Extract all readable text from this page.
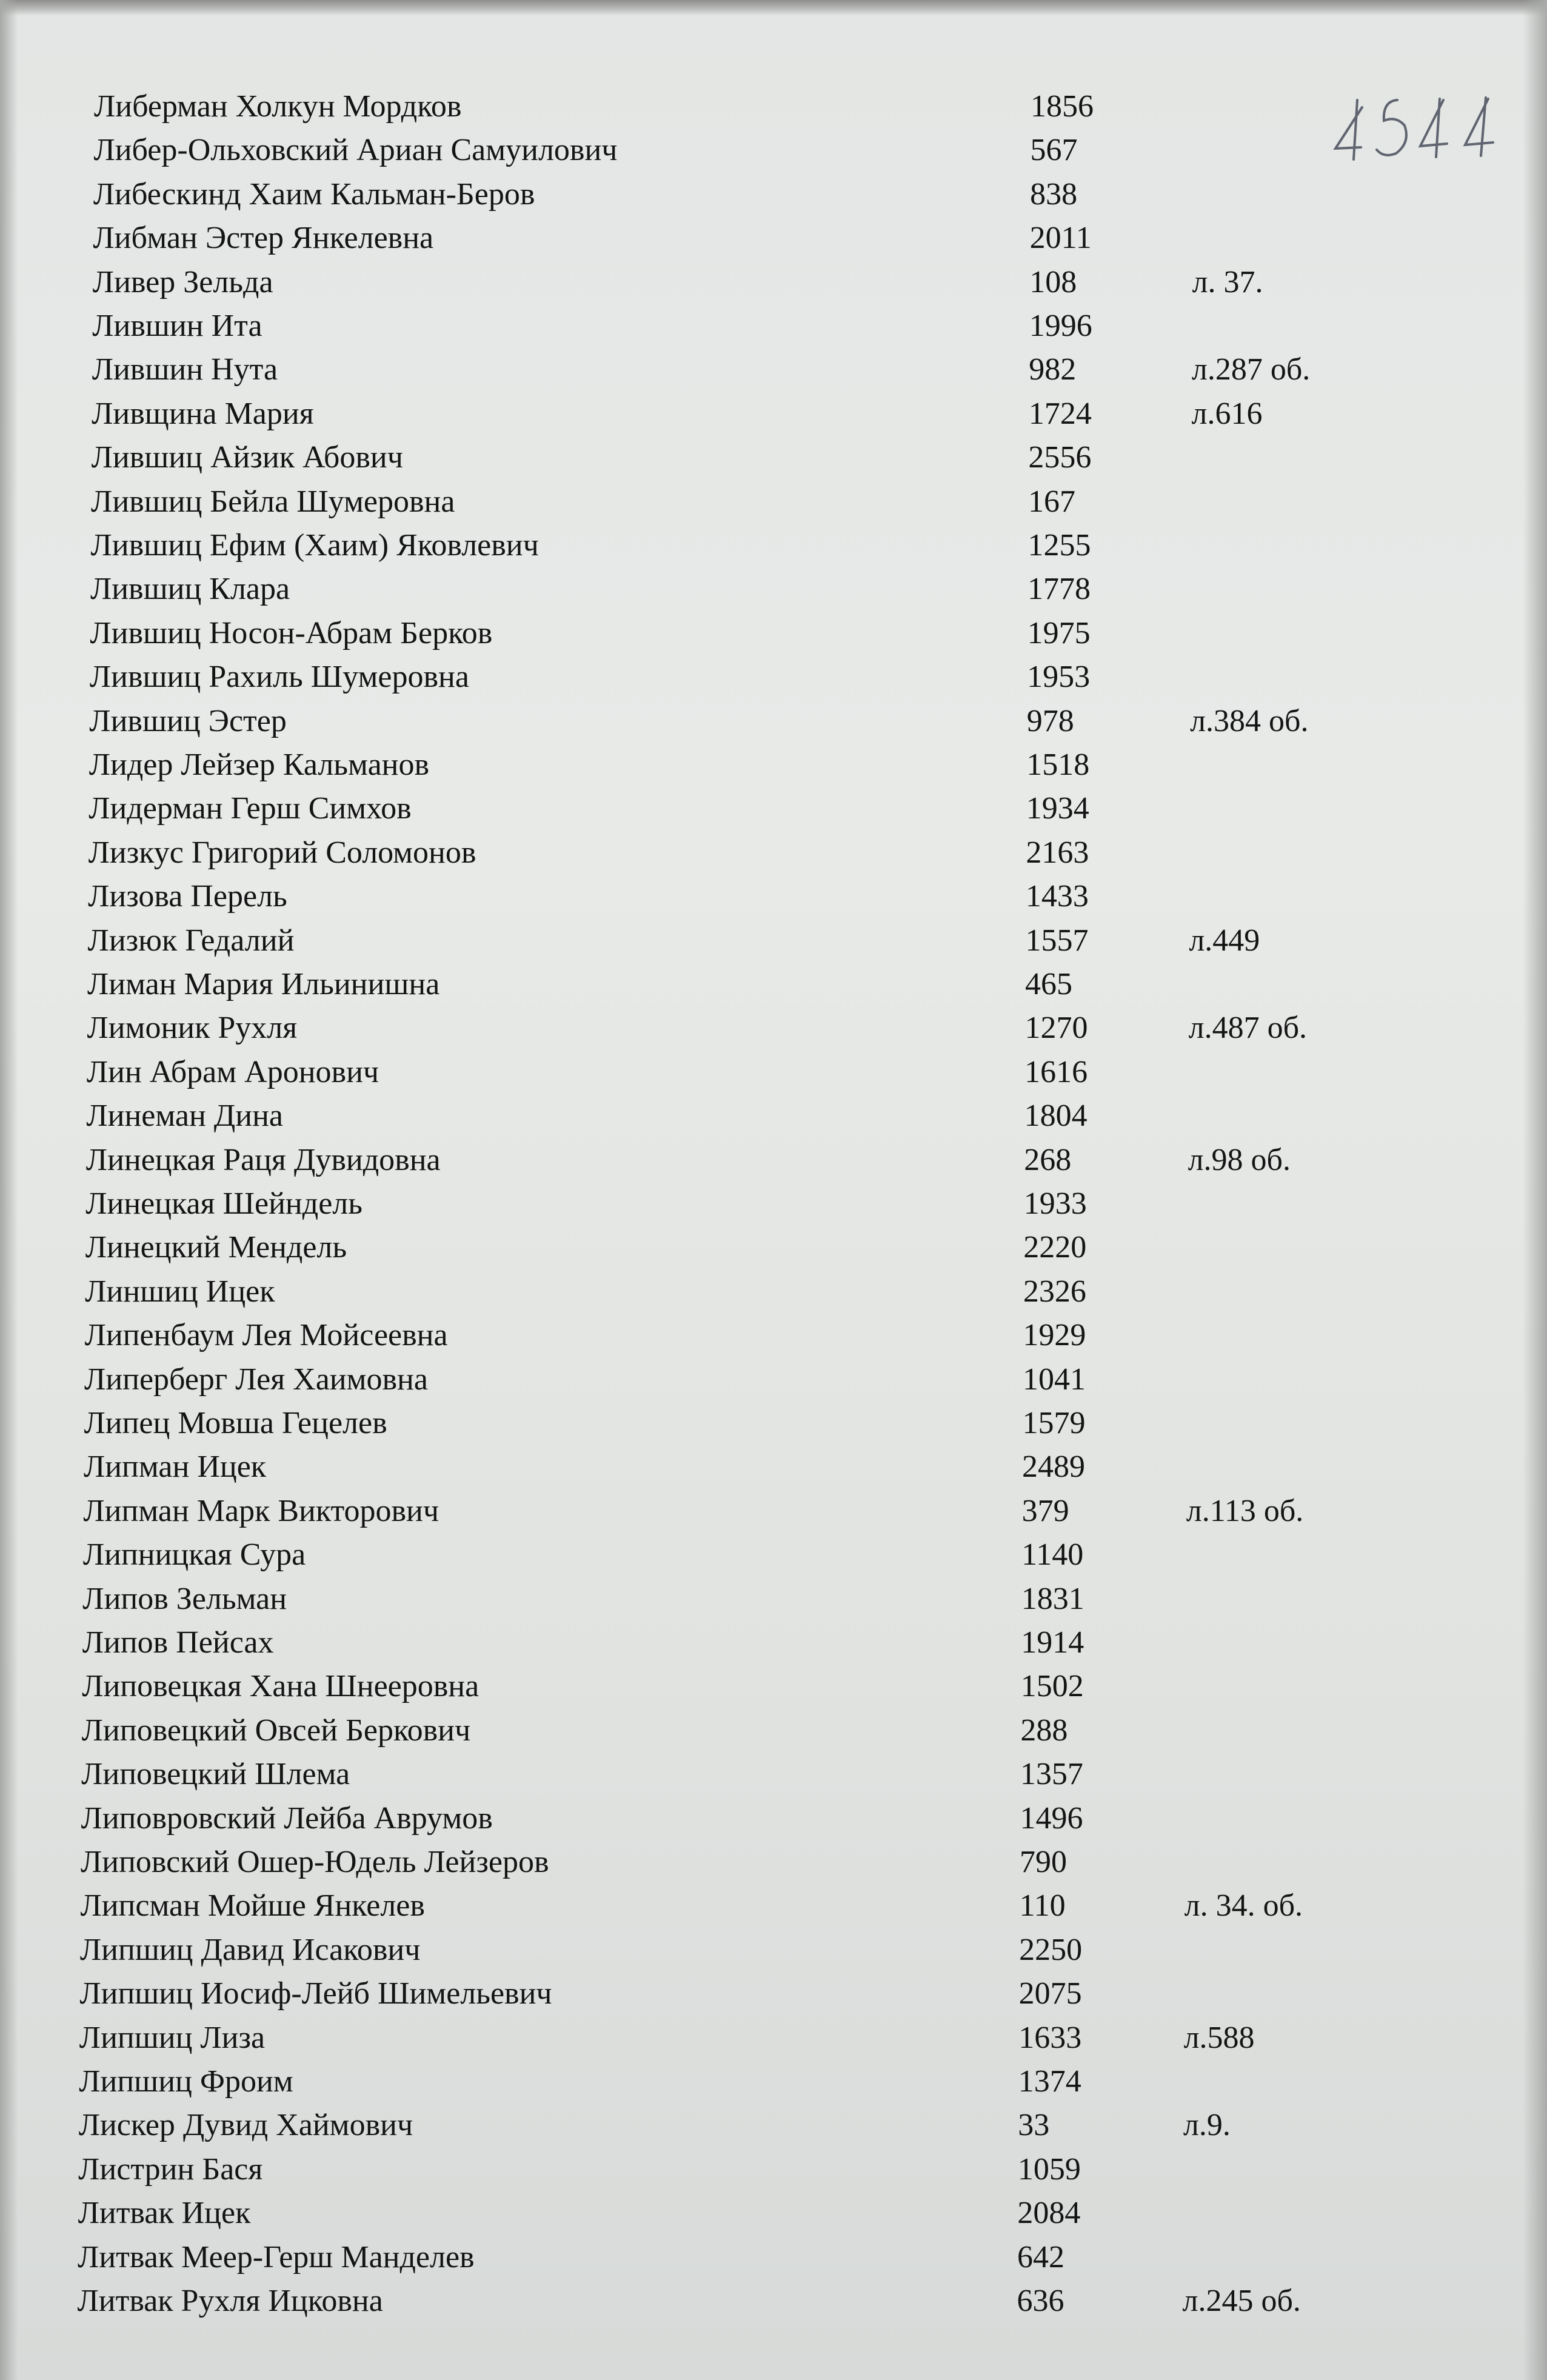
Либерман Холкун Мордков	1856
Либер-Ольховский Ариан Самуилович	567
Либескинд Хаим Кальман-Беров	838
Либман Эстер Янкелевна	2011
Ливер Зельда	108	л. 37.
Лившин Ита	1996
Лившин Нута	982	л.287 об.
Ливщина Мария	1724	л.616
Лившиц Айзик Абович	2556
Лившиц Бейла Шумеровна	167
Лившиц Ефим (Хаим) Яковлевич	1255
Лившиц Клара	1778
Лившиц Носон-Абрам Берков	1975
Лившиц Рахиль Шумеровна	1953
Лившиц Эстер	978	л.384 об.
Лидер Лейзер Кальманов	1518
Лидерман Герш Симхов	1934
Лизкус Григорий Соломонов	2163
Лизова Перель	1433
Лизюк Гедалий	1557	л.449
Лиман Мария Ильинишна	465
Лимоник Рухля	1270	л.487 об.
Лин Абрам Аронович	1616
Линеман Дина	1804
Линецкая Раця Дувидовна	268	л.98 об.
Линецкая Шейндель	1933
Линецкий Мендель	2220
Линшиц Ицек	2326
Липенбаум Лея Мойсеевна	1929
Липерберг Лея Хаимовна	1041
Липец Мовша Гецелев	1579
Липман Ицек	2489
Липман Марк Викторович	379	л.113 об.
Липницкая Сура	1140
Липов Зельман	1831
Липов Пейсах	1914
Липовецкая Хана Шнееровна	1502
Липовецкий Овсей Беркович	288
Липовецкий Шлема	1357
Липоврoвский Лейба Аврумов	1496
Липовский Ошер-Юдель Лейзеров	790
Липсман Мойше Янкелев	110	л. 34. об.
Липшиц Давид Исакович	2250
Липшиц Иосиф-Лейб Шимельевич	2075
Липшиц Лиза	1633	л.588
Липшиц Фроим	1374
Лискер Дувид Хаймович	33	л.9.
Листрин Бася	1059
Литвак Ицек	2084
Литвак Меер-Герш Манделев	642
Литвак Рухля Ицковна	636	л.245 об.
